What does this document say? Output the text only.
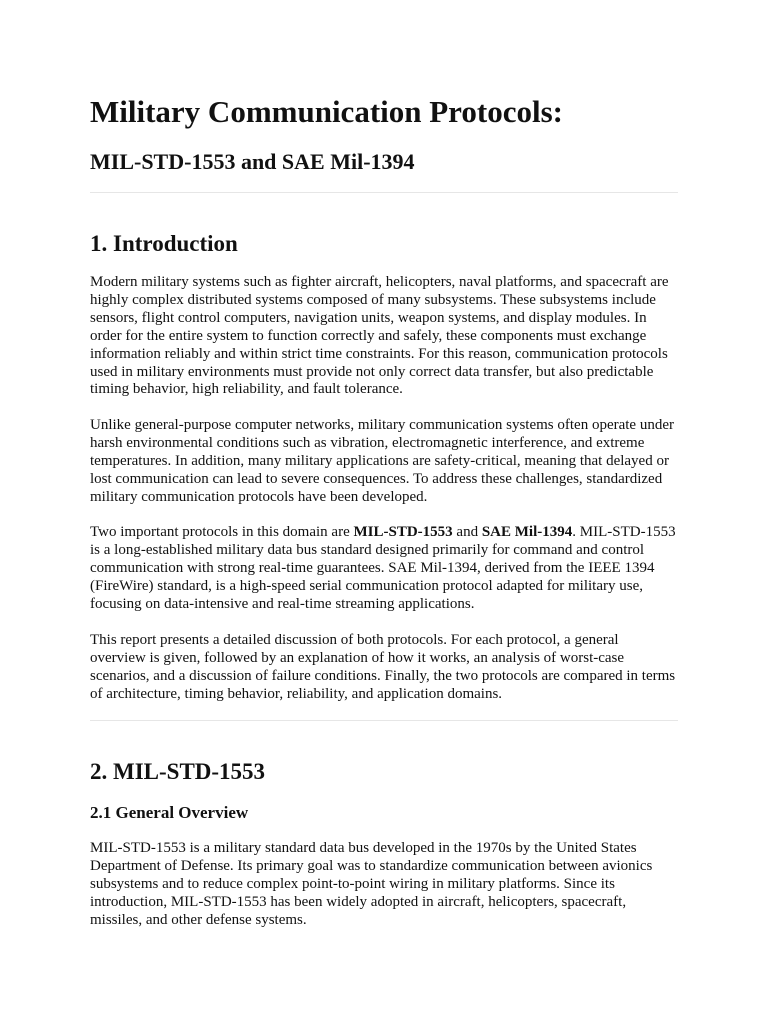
Military Communication Protocols:
MIL-STD-1553 and SAE Mil-1394
1. Introduction

Modern military systems such as fighter aircraft, helicopters, naval platforms, and spacecraft are highly complex distributed systems composed of many subsystems. These subsystems include sensors, flight control computers, navigation units, weapon systems, and display modules. In order for the entire system to function correctly and safely, these components must exchange information reliably and within strict time constraints. For this reason, communication protocols used in military environments must provide not only correct data transfer, but also predictable timing behavior, high reliability, and fault tolerance.

Unlike general-purpose computer networks, military communication systems often operate under harsh environmental conditions such as vibration, electromagnetic interference, and extreme temperatures. In addition, many military applications are safety-critical, meaning that delayed or lost communication can lead to severe consequences. To address these challenges, standardized military communication protocols have been developed.

Two important protocols in this domain are MIL-STD-1553 and SAE Mil-1394. MIL-STD-1553 is a long-established military data bus standard designed primarily for command and control communication with strong real-time guarantees. SAE Mil-1394, derived from the IEEE 1394 (FireWire) standard, is a high-speed serial communication protocol adapted for military use, focusing on data-intensive and real-time streaming applications.

This report presents a detailed discussion of both protocols. For each protocol, a general overview is given, followed by an explanation of how it works, an analysis of worst-case scenarios, and a discussion of failure conditions. Finally, the two protocols are compared in terms of architecture, timing behavior, reliability, and application domains.

2. MIL-STD-1553
2.1 General Overview

MIL-STD-1553 is a military standard data bus developed in the 1970s by the United States Department of Defense. Its primary goal was to standardize communication between avionics subsystems and to reduce complex point-to-point wiring in military platforms. Since its introduction, MIL-STD-1553 has been widely adopted in aircraft, helicopters, spacecraft, missiles, and other defense systems.
